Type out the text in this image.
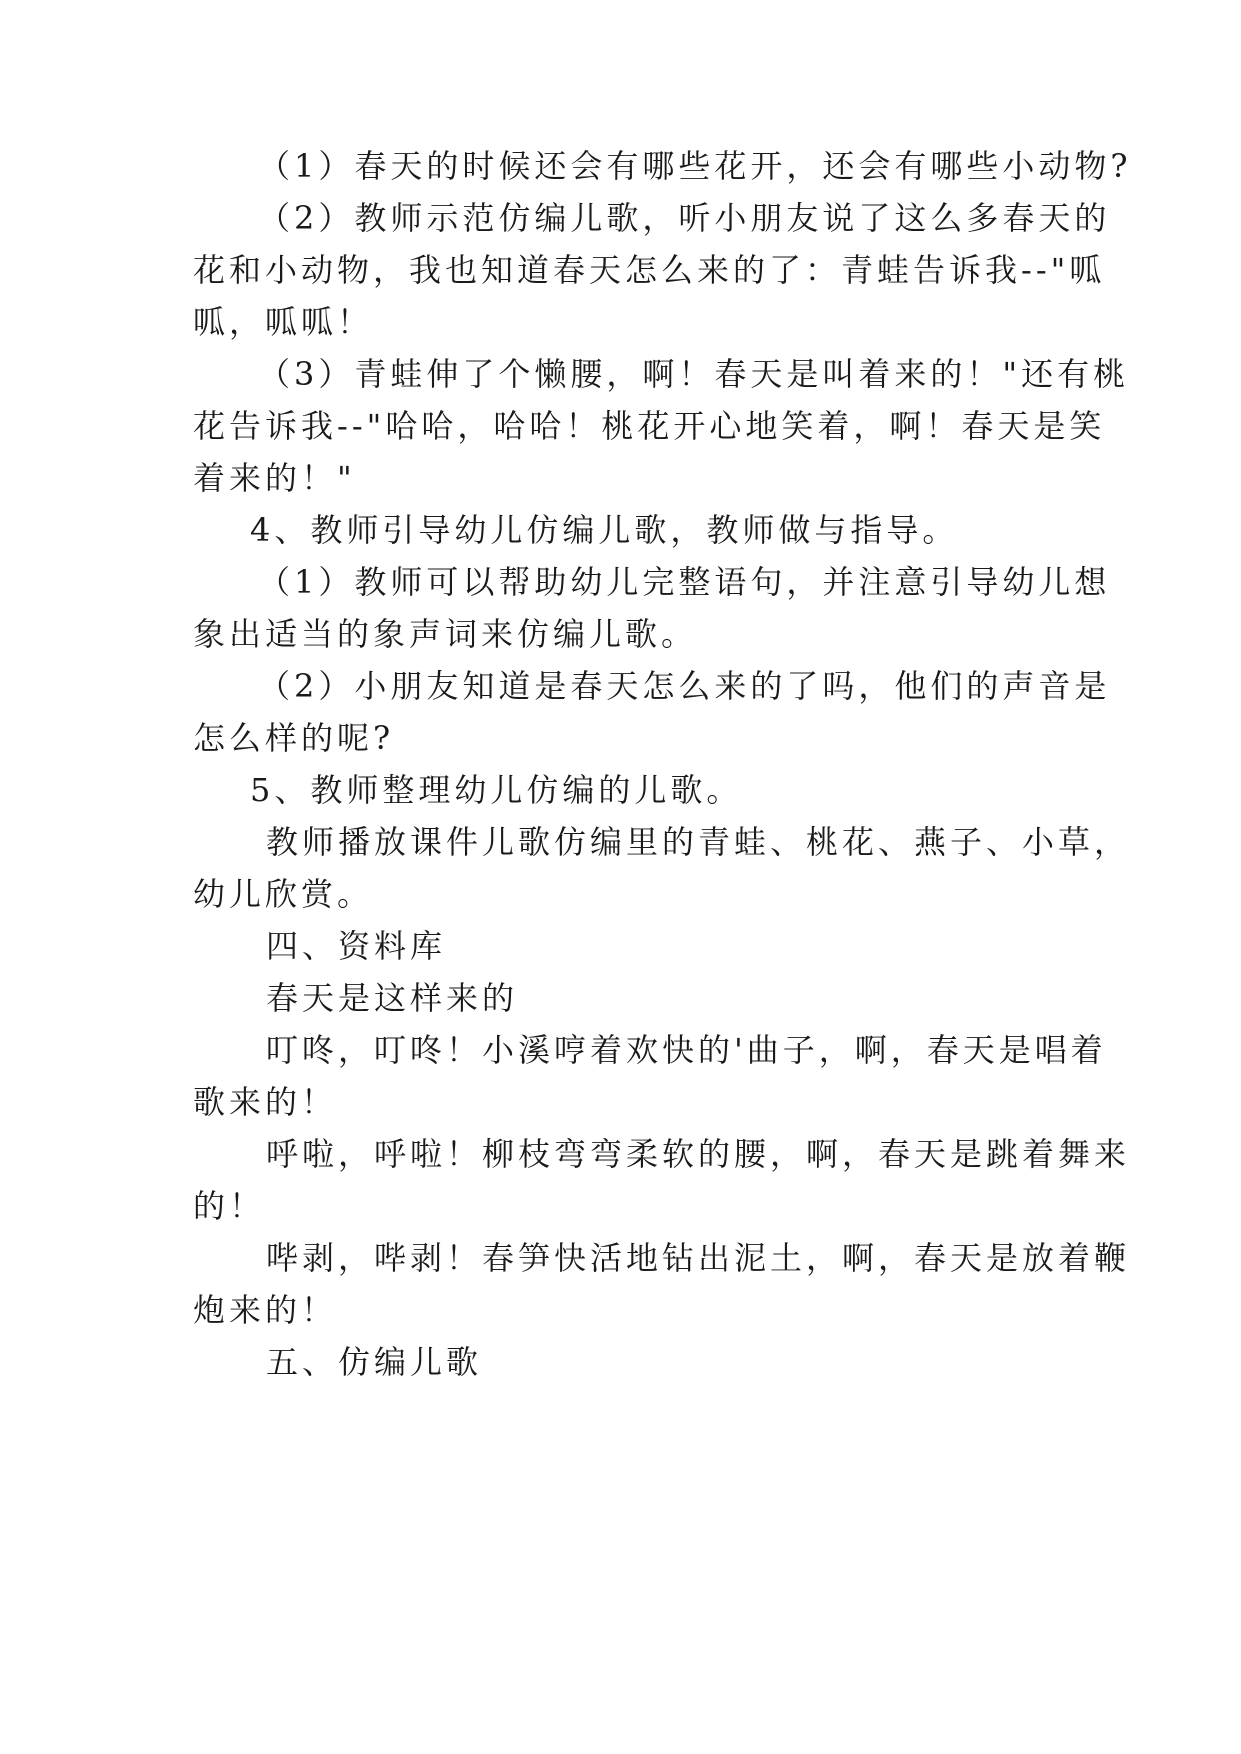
（1）春天的时候还会有哪些花开，还会有哪些小动物?
（2）教师示范仿编儿歌，听小朋友说了这么多春天的
花和小动物，我也知道春天怎么来的了：青蛙告诉我--"呱
呱，呱呱！
（3）青蛙伸了个懒腰，啊！春天是叫着来的！"还有桃
花告诉我--"哈哈，哈哈！桃花开心地笑着，啊！春天是笑
着来的！"
4、教师引导幼儿仿编儿歌，教师做与指导。
（1）教师可以帮助幼儿完整语句，并注意引导幼儿想
象出适当的象声词来仿编儿歌。
（2）小朋友知道是春天怎么来的了吗，他们的声音是
怎么样的呢?
5、教师整理幼儿仿编的儿歌。
教师播放课件儿歌仿编里的青蛙、桃花、燕子、小草，
幼儿欣赏。
四、资料库
春天是这样来的
叮咚，叮咚！小溪哼着欢快的'曲子，啊，春天是唱着
歌来的！
呼啦，呼啦！柳枝弯弯柔软的腰，啊，春天是跳着舞来
的！
哔剥，哔剥！春笋快活地钻出泥土，啊，春天是放着鞭
炮来的！
五、仿编儿歌
